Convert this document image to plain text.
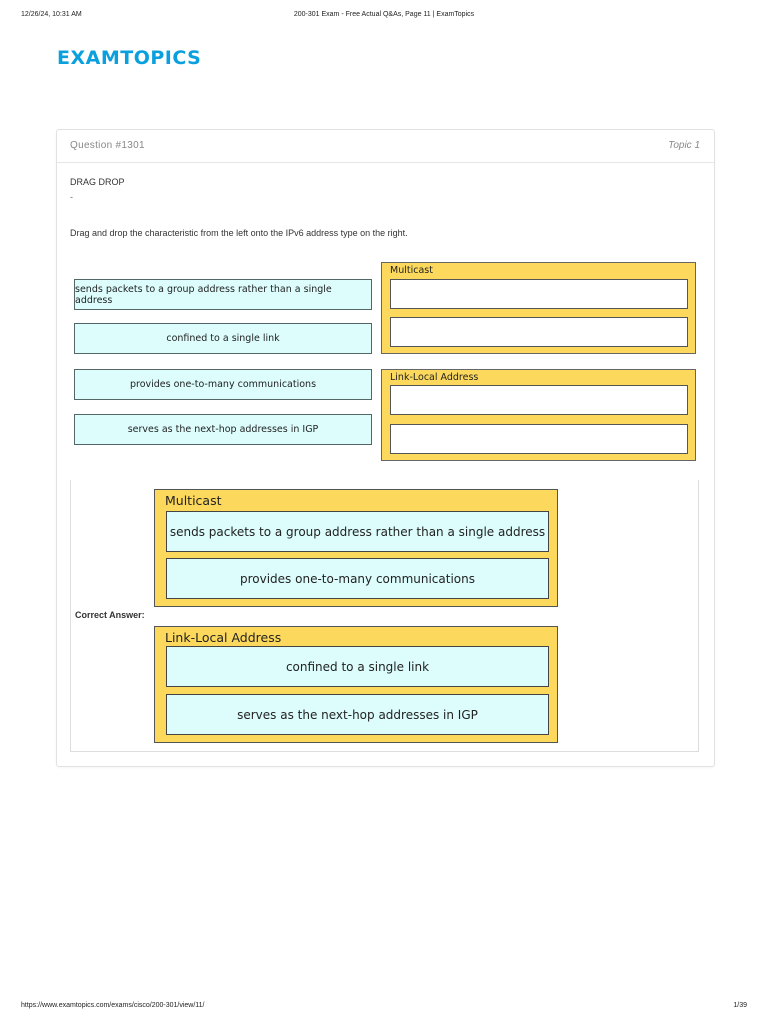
12/26/24, 10:31 AM	200-301 Exam - Free Actual Q&As, Page 11 | ExamTopics
EXAMTOPICS
Question #1301	Topic 1
DRAG DROP
-
Drag and drop the characteristic from the left onto the IPv6 address type on the right.
sends packets to a group address rather than a single address
confined to a single link
provides one-to-many communications
serves as the next-hop addresses in IGP
Multicast
Link-Local Address
Correct Answer:
Multicast
sends packets to a group address rather than a single address
provides one-to-many communications
Link-Local Address
confined to a single link
serves as the next-hop addresses in IGP
https://www.examtopics.com/exams/cisco/200-301/view/11/	1/39
